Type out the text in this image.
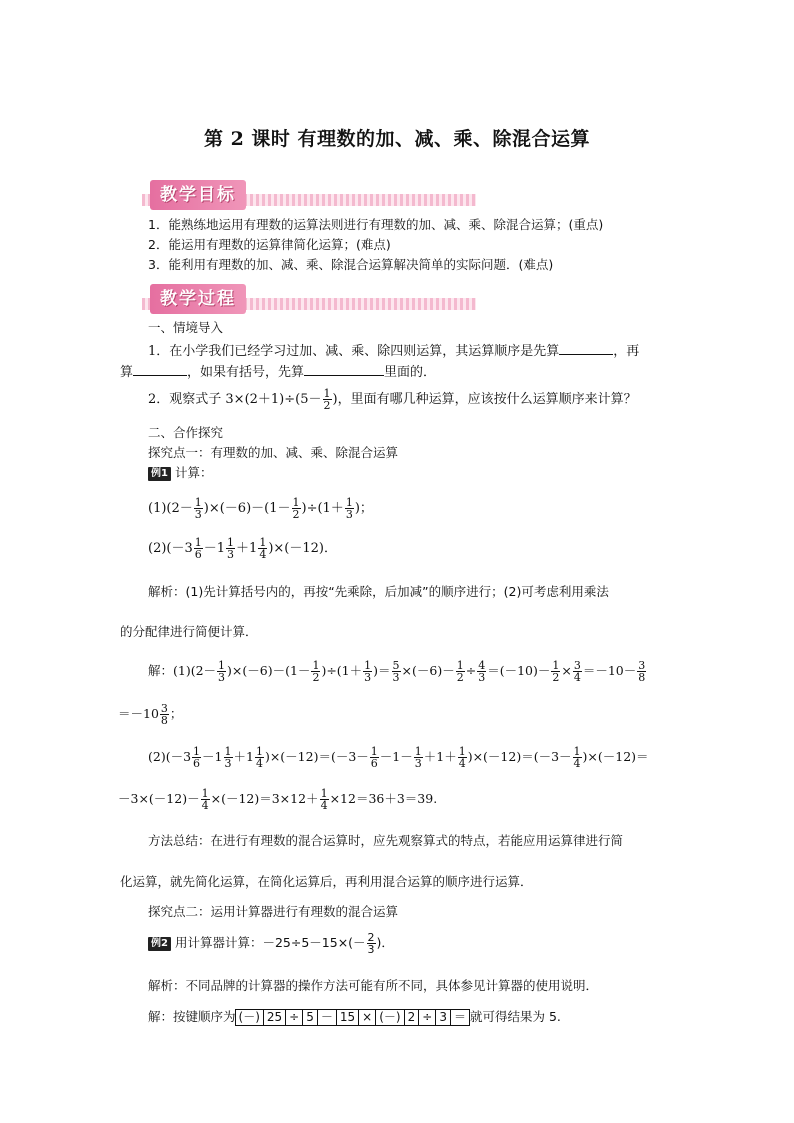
第 2 课时 有理数的加、减、乘、除混合运算
教学目标
1．能熟练地运用有理数的运算法则进行有理数的加、减、乘、除混合运算；(重点)
2．能运用有理数的运算律简化运算；(难点)
3．能利用有理数的加、减、乘、除混合运算解决简单的实际问题．(难点)
教学过程
一、情境导入
1．在小学我们已经学习过加、减、乘、除四则运算，其运算顺序是先算	，再
算	，如果有括号，先算	里面的．
2．观察式子 $3\times(2+1)\div(5- \frac{1}{2}$ )，里面有哪几种运算，应该按什么运算顺序来计算？
二、合作探究
探究点一：有理数的加、减、乘、除混合运算
例1 计算：
$(1)(2- \frac{1}{3} )\times(-6)-(1- \frac{1}{2} )\div(1+ \frac{1}{3}$ )；
$(2)(-3 \frac{1}{6} -1 \frac{1}{3} +1 \frac{1}{4} )\times(-12)$．
解析：(1)先计算括号内的，再按“先乘除，后加减”的顺序进行；(2)可考虑利用乘法
的分配律进行简便计算．
解：$(1)(2- \frac{1}{3} )\times(-6)-(1- \frac{1}{2} )\div(1+ \frac{1}{3}$ )＝ $\frac{5}{3} \times(-6)- \frac{1}{2} \div \frac{4}{3} =(-10)- \frac{1}{2} \times \frac{3}{4} =-10- \frac{3}{8}$
$=-10 \frac{3}{8}$ ；
$(2)(-3 \frac{1}{6} -1 \frac{1}{3} +1 \frac{1}{4} )\times(-12)=(-3- \frac{1}{6} -1- \frac{1}{3} +1+ \frac{1}{4} )\times(-12)=(-3- \frac{1}{4} )\times(-12)=$
$-3\times(-12)- \frac{1}{4} \times(-12)=3\times 12+ \frac{1}{4} \times 12=36+3=39$.
方法总结：在进行有理数的混合运算时，应先观察算式的特点，若能应用运算律进行简
化运算，就先简化运算，在简化运算后，再利用混合运算的顺序进行运算．
探究点二：运用计算器进行有理数的混合运算
例2 用计算器计算：$-25\div 5-15\times(- \frac{2}{3}$ )．
解析：不同品牌的计算器的操作方法可能有所不同，具体参见计算器的使用说明．
解：按键顺序为 (－) 25 ÷ 5 － 15 × (－) 2 ÷ 3 ＝ 就可得结果为 5.
